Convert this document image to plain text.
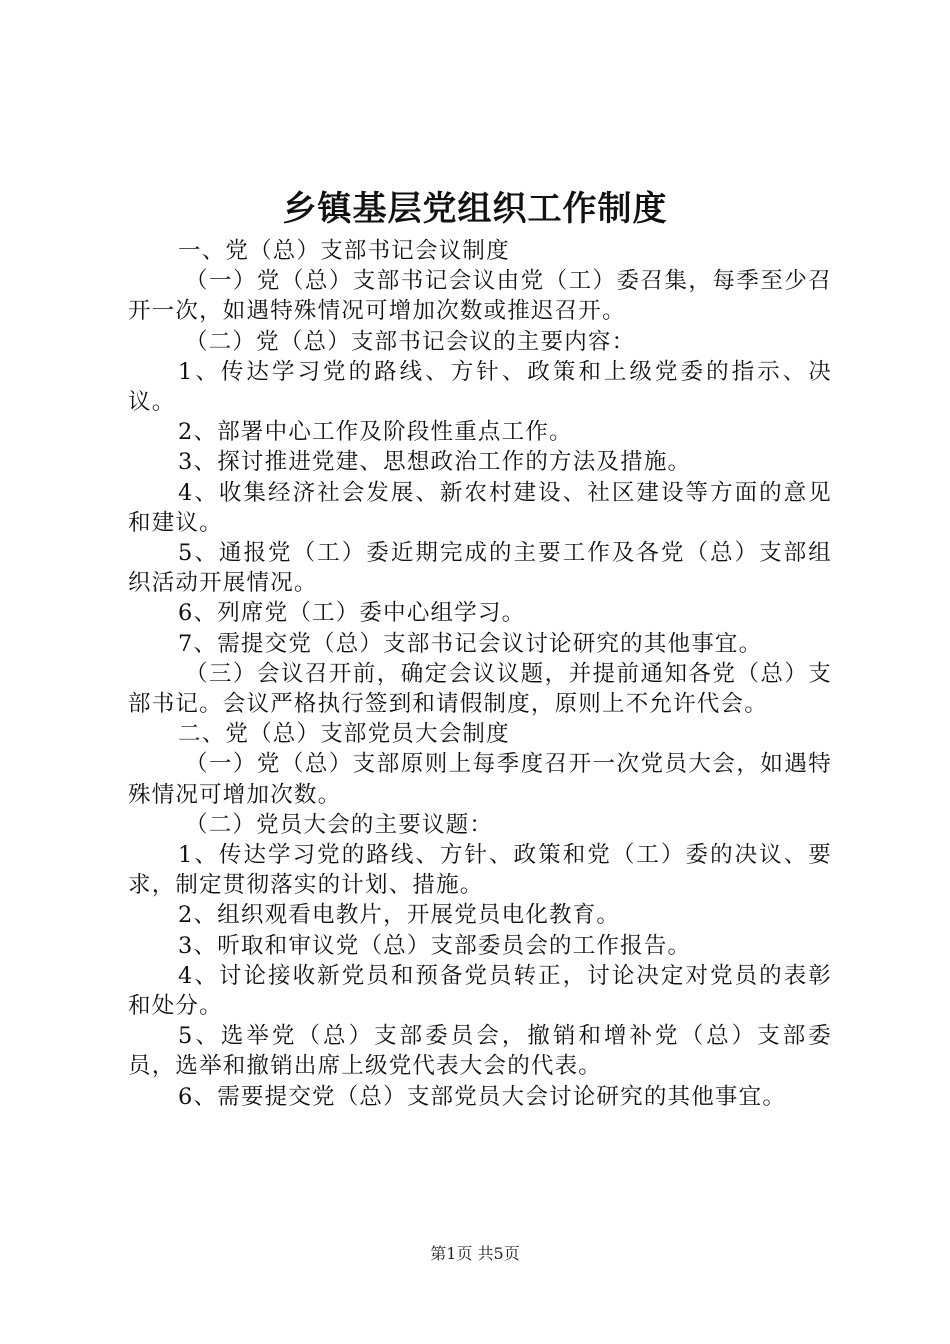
乡镇基层党组织工作制度

一、党（总）支部书记会议制度

（一）党（总）支部书记会议由党（工）委召集，每季至少召开一次，如遇特殊情况可增加次数或推迟召开。

（二）党（总）支部书记会议的主要内容：

1、传达学习党的路线、方针、政策和上级党委的指示、决议。

2、部署中心工作及阶段性重点工作。

3、探讨推进党建、思想政治工作的方法及措施。

4、收集经济社会发展、新农村建设、社区建设等方面的意见和建议。

5、通报党（工）委近期完成的主要工作及各党（总）支部组织活动开展情况。

6、列席党（工）委中心组学习。

7、需提交党（总）支部书记会议讨论研究的其他事宜。

（三）会议召开前，确定会议议题，并提前通知各党（总）支部书记。会议严格执行签到和请假制度，原则上不允许代会。

二、党（总）支部党员大会制度

（一）党（总）支部原则上每季度召开一次党员大会，如遇特殊情况可增加次数。

（二）党员大会的主要议题：

1、传达学习党的路线、方针、政策和党（工）委的决议、要求，制定贯彻落实的计划、措施。

2、组织观看电教片，开展党员电化教育。

3、听取和审议党（总）支部委员会的工作报告。

4、讨论接收新党员和预备党员转正，讨论决定对党员的表彰和处分。

5、选举党（总）支部委员会，撤销和增补党（总）支部委员，选举和撤销出席上级党代表大会的代表。

6、需要提交党（总）支部党员大会讨论研究的其他事宜。

第1页 共5页
